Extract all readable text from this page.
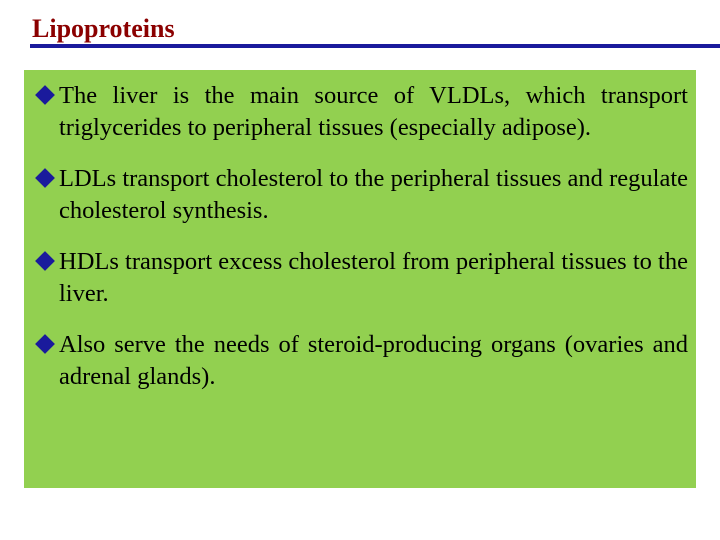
Lipoproteins
The liver is the main source of VLDLs, which transport triglycerides to peripheral tissues (especially adipose).
LDLs transport cholesterol to the peripheral tissues and regulate cholesterol synthesis.
HDLs transport excess cholesterol from peripheral tissues to the liver.
Also serve the needs of steroid-producing organs (ovaries and adrenal glands).
